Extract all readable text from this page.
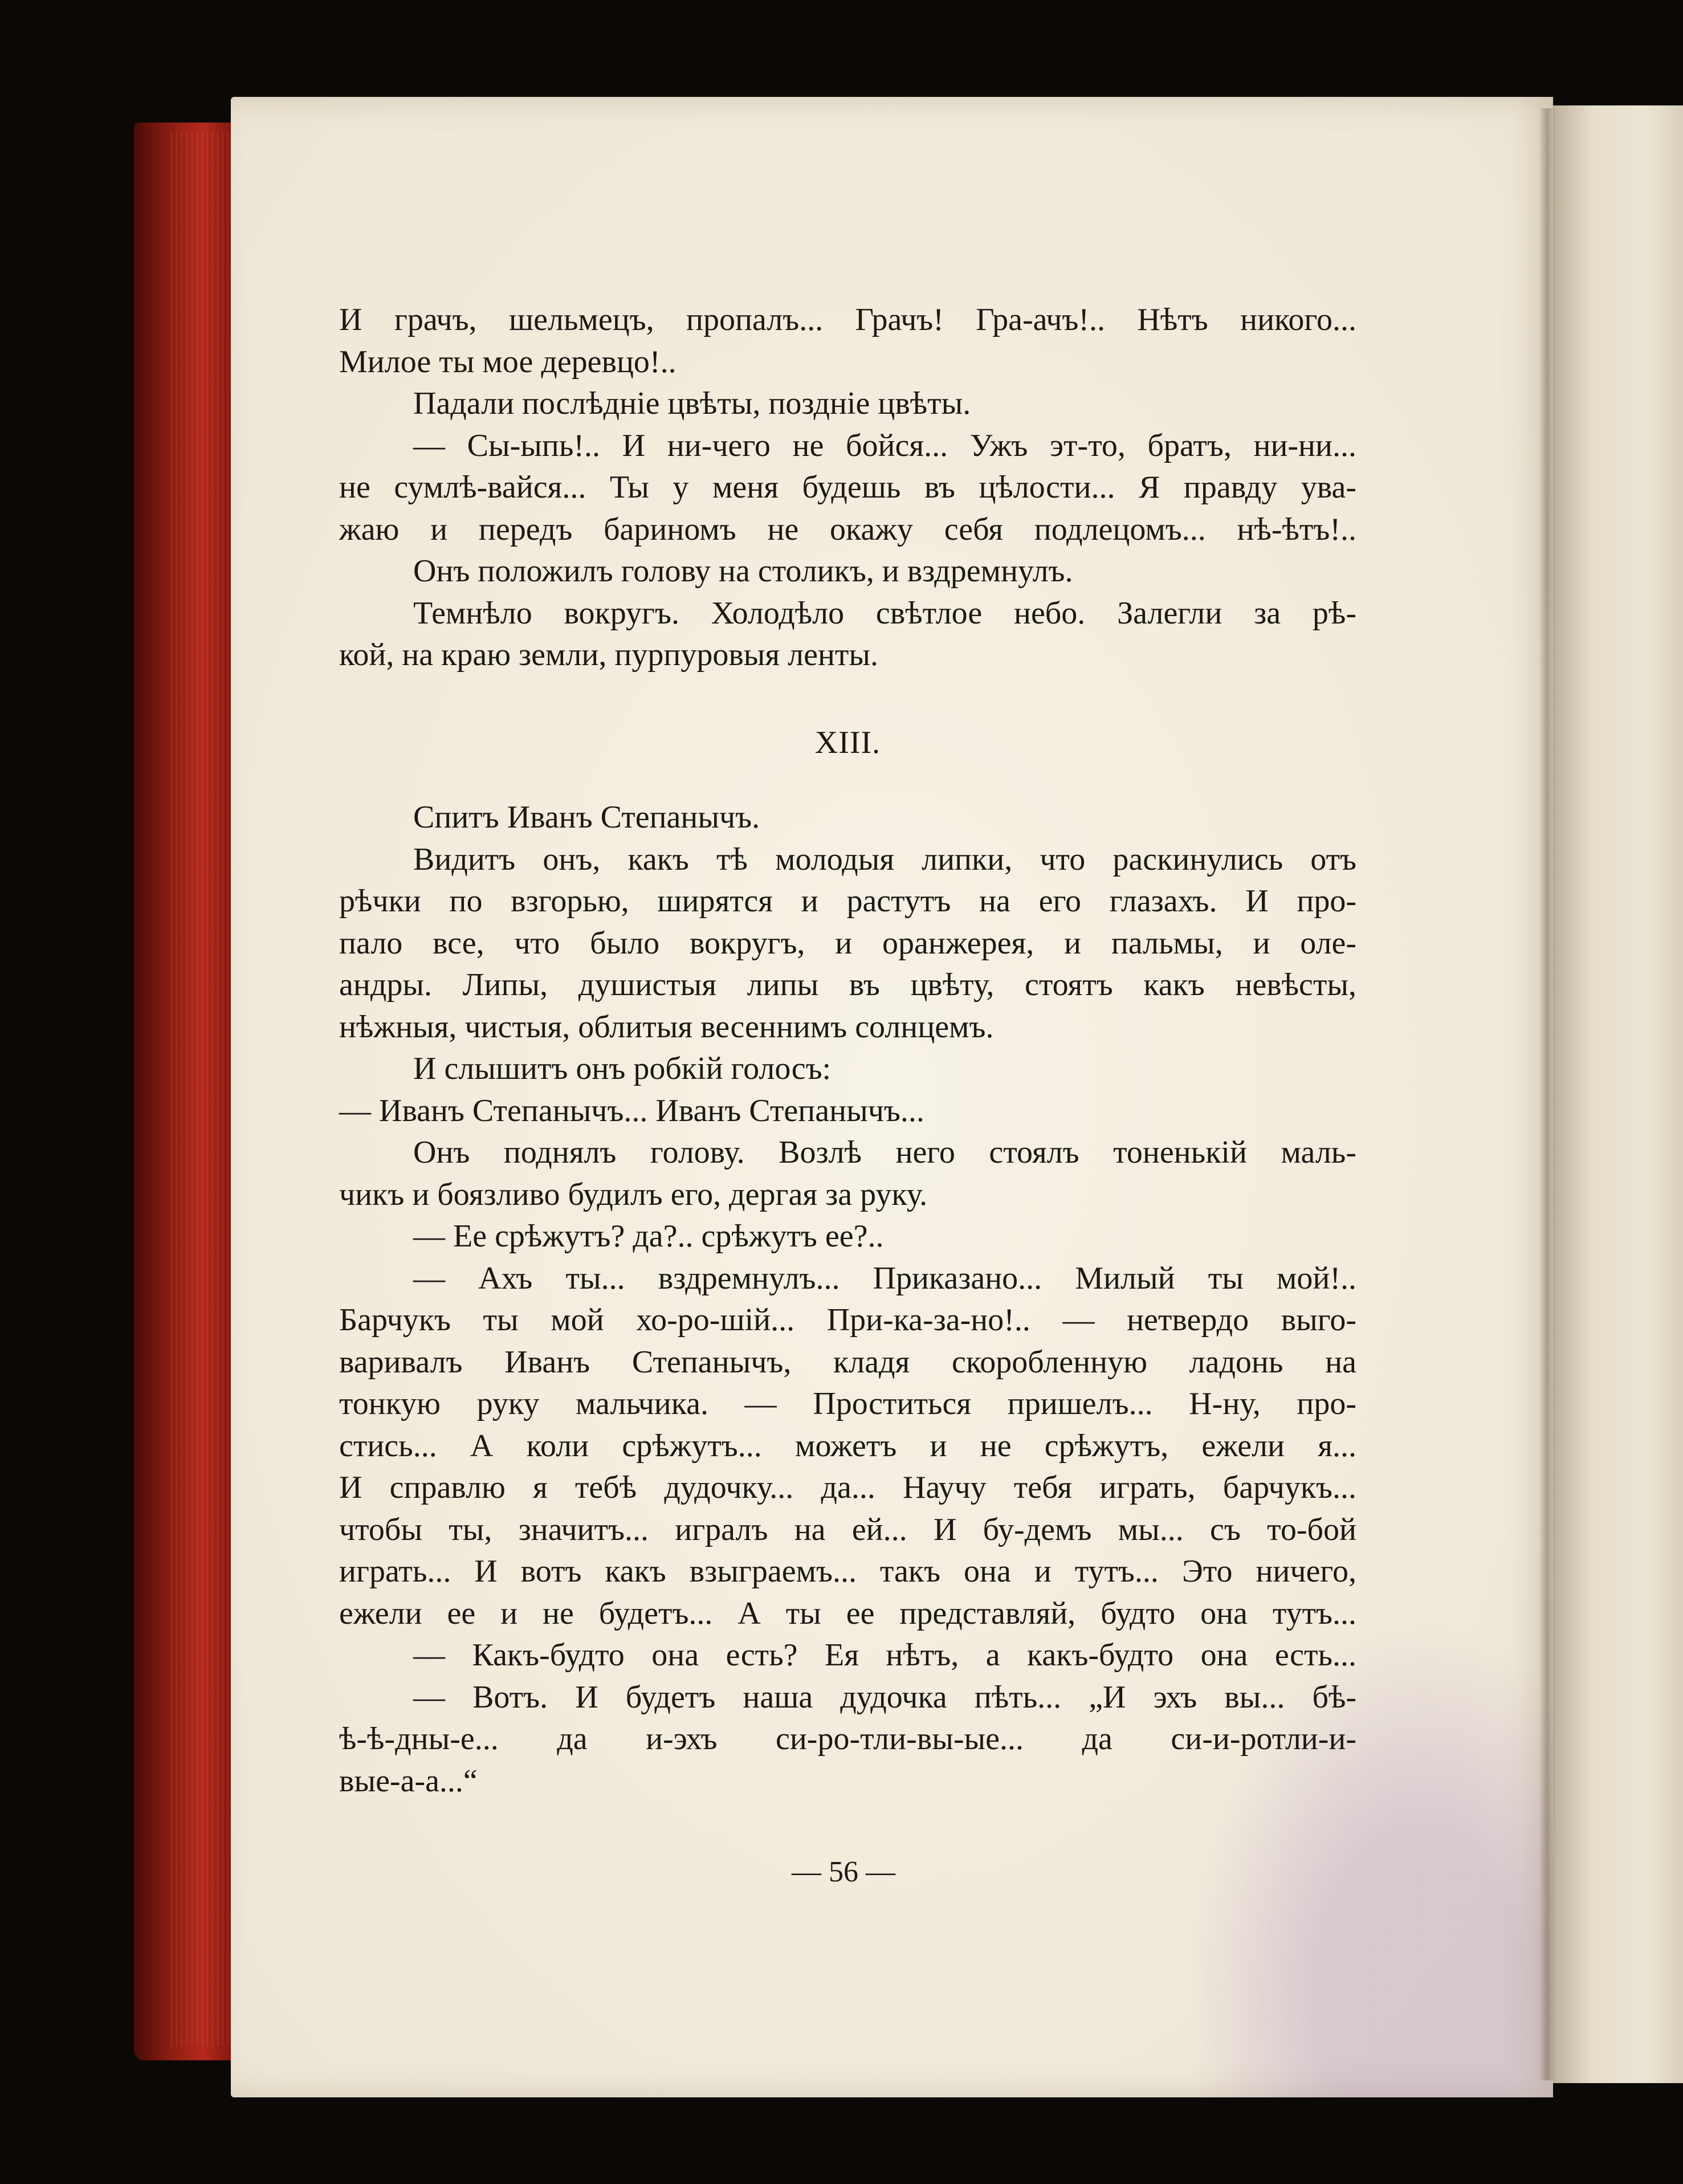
И грачъ, шельмецъ, пропалъ... Грачъ! Гра-ачъ!.. Нѣтъ никого...
Милое ты мое деревцо!..
Падали послѣдніе цвѣты, поздніе цвѣты.
— Сы-ыпь!.. И ни-чего не бойся... Ужъ эт-то, братъ, ни-ни...
не сумлѣ-вайся... Ты у меня будешь въ цѣлости... Я правду ува-
жаю и передъ бариномъ не окажу себя подлецомъ... нѣ-ѣтъ!..
Онъ положилъ голову на столикъ, и вздремнулъ.
Темнѣло вокругъ. Холодѣло свѣтлое небо. Залегли за рѣ-
кой, на краю земли, пурпуровыя ленты.
XIII.
Спитъ Иванъ Степанычъ.
Видитъ онъ, какъ тѣ молодыя липки, что раскинулись отъ
рѣчки по взгорью, ширятся и растутъ на его глазахъ. И про-
пало все, что было вокругъ, и оранжерея, и пальмы, и оле-
андры. Липы, душистыя липы въ цвѣту, стоятъ какъ невѣсты,
нѣжныя, чистыя, облитыя весеннимъ солнцемъ.
И слышитъ онъ робкій голосъ:
— Иванъ Степанычъ... Иванъ Степанычъ...
Онъ поднялъ голову. Возлѣ него стоялъ тоненькій маль-
чикъ и боязливо будилъ его, дергая за руку.
— Ее срѣжутъ? да?.. срѣжутъ ее?..
— Ахъ ты... вздремнулъ... Приказано... Милый ты мой!..
Барчукъ ты мой хо-ро-шій... При-ка-за-но!.. — нетвердо выго-
варивалъ Иванъ Степанычъ, кладя скоробленную ладонь на
тонкую руку мальчика. — Проститься пришелъ... Н-ну, про-
стись... А коли срѣжутъ... можетъ и не срѣжутъ, ежели я...
И справлю я тебѣ дудочку... да... Научу тебя играть, барчукъ...
чтобы ты, значитъ... игралъ на ей... И бу-демъ мы... съ то-бой
играть... И вотъ какъ взыграемъ... такъ она и тутъ... Это ничего,
ежели ее и не будетъ... А ты ее представляй, будто она тутъ...
— Какъ-будто она есть? Ея нѣтъ, а какъ-будто она есть...
— Вотъ. И будетъ наша дудочка пѣть... „И эхъ вы... бѣ-
ѣ-ѣ-дны-е... да и-эхъ си-ро-тли-вы-ые... да си-и-ротли-и-
вые-а-а...“
— 56 —
